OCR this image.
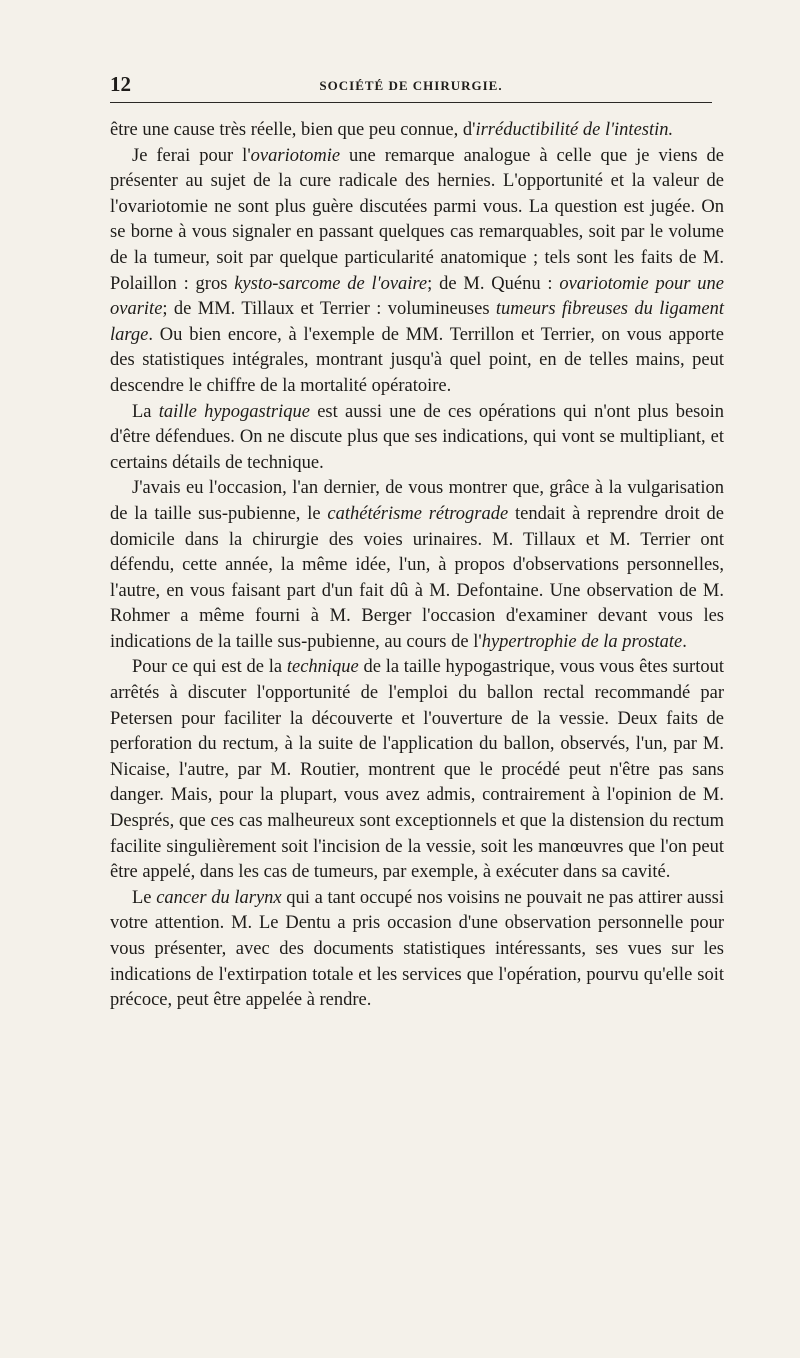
12	SOCIÉTÉ DE CHIRURGIE.

être une cause très réelle, bien que peu connue, d'irréductibilité de l'intestin.

Je ferai pour l'ovariotomie une remarque analogue à celle que je viens de présenter au sujet de la cure radicale des hernies. L'opportunité et la valeur de l'ovariotomie ne sont plus guère discutées parmi vous. La question est jugée. On se borne à vous signaler en passant quelques cas remarquables, soit par le volume de la tumeur, soit par quelque particularité anatomique ; tels sont les faits de M. Polaillon : gros kysto-sarcome de l'ovaire; de M. Quénu : ovariotomie pour une ovarite; de MM. Tillaux et Terrier : volumineuses tumeurs fibreuses du ligament large. Ou bien encore, à l'exemple de MM. Terrillon et Terrier, on vous apporte des statistiques intégrales, montrant jusqu'à quel point, en de telles mains, peut descendre le chiffre de la mortalité opératoire.

La taille hypogastrique est aussi une de ces opérations qui n'ont plus besoin d'être défendues. On ne discute plus que ses indications, qui vont se multipliant, et certains détails de technique.

J'avais eu l'occasion, l'an dernier, de vous montrer que, grâce à la vulgarisation de la taille sus-pubienne, le cathétérisme rétrograde tendait à reprendre droit de domicile dans la chirurgie des voies urinaires. M. Tillaux et M. Terrier ont défendu, cette année, la même idée, l'un, à propos d'observations personnelles, l'autre, en vous faisant part d'un fait dû à M. Defontaine. Une observation de M. Rohmer a même fourni à M. Berger l'occasion d'examiner devant vous les indications de la taille sus-pubienne, au cours de l'hypertrophie de la prostate.

Pour ce qui est de la technique de la taille hypogastrique, vous vous êtes surtout arrêtés à discuter l'opportunité de l'emploi du ballon rectal recommandé par Petersen pour faciliter la découverte et l'ouverture de la vessie. Deux faits de perforation du rectum, à la suite de l'application du ballon, observés, l'un, par M. Nicaise, l'autre, par M. Routier, montrent que le procédé peut n'être pas sans danger. Mais, pour la plupart, vous avez admis, contrairement à l'opinion de M. Després, que ces cas malheureux sont exceptionnels et que la distension du rectum facilite singulièrement soit l'incision de la vessie, soit les manœuvres que l'on peut être appelé, dans les cas de tumeurs, par exemple, à exécuter dans sa cavité.

Le cancer du larynx qui a tant occupé nos voisins ne pouvait ne pas attirer aussi votre attention. M. Le Dentu a pris occasion d'une observation personnelle pour vous présenter, avec des documents statistiques intéressants, ses vues sur les indications de l'extirpation totale et les services que l'opération, pourvu qu'elle soit précoce, peut être appelée à rendre.
